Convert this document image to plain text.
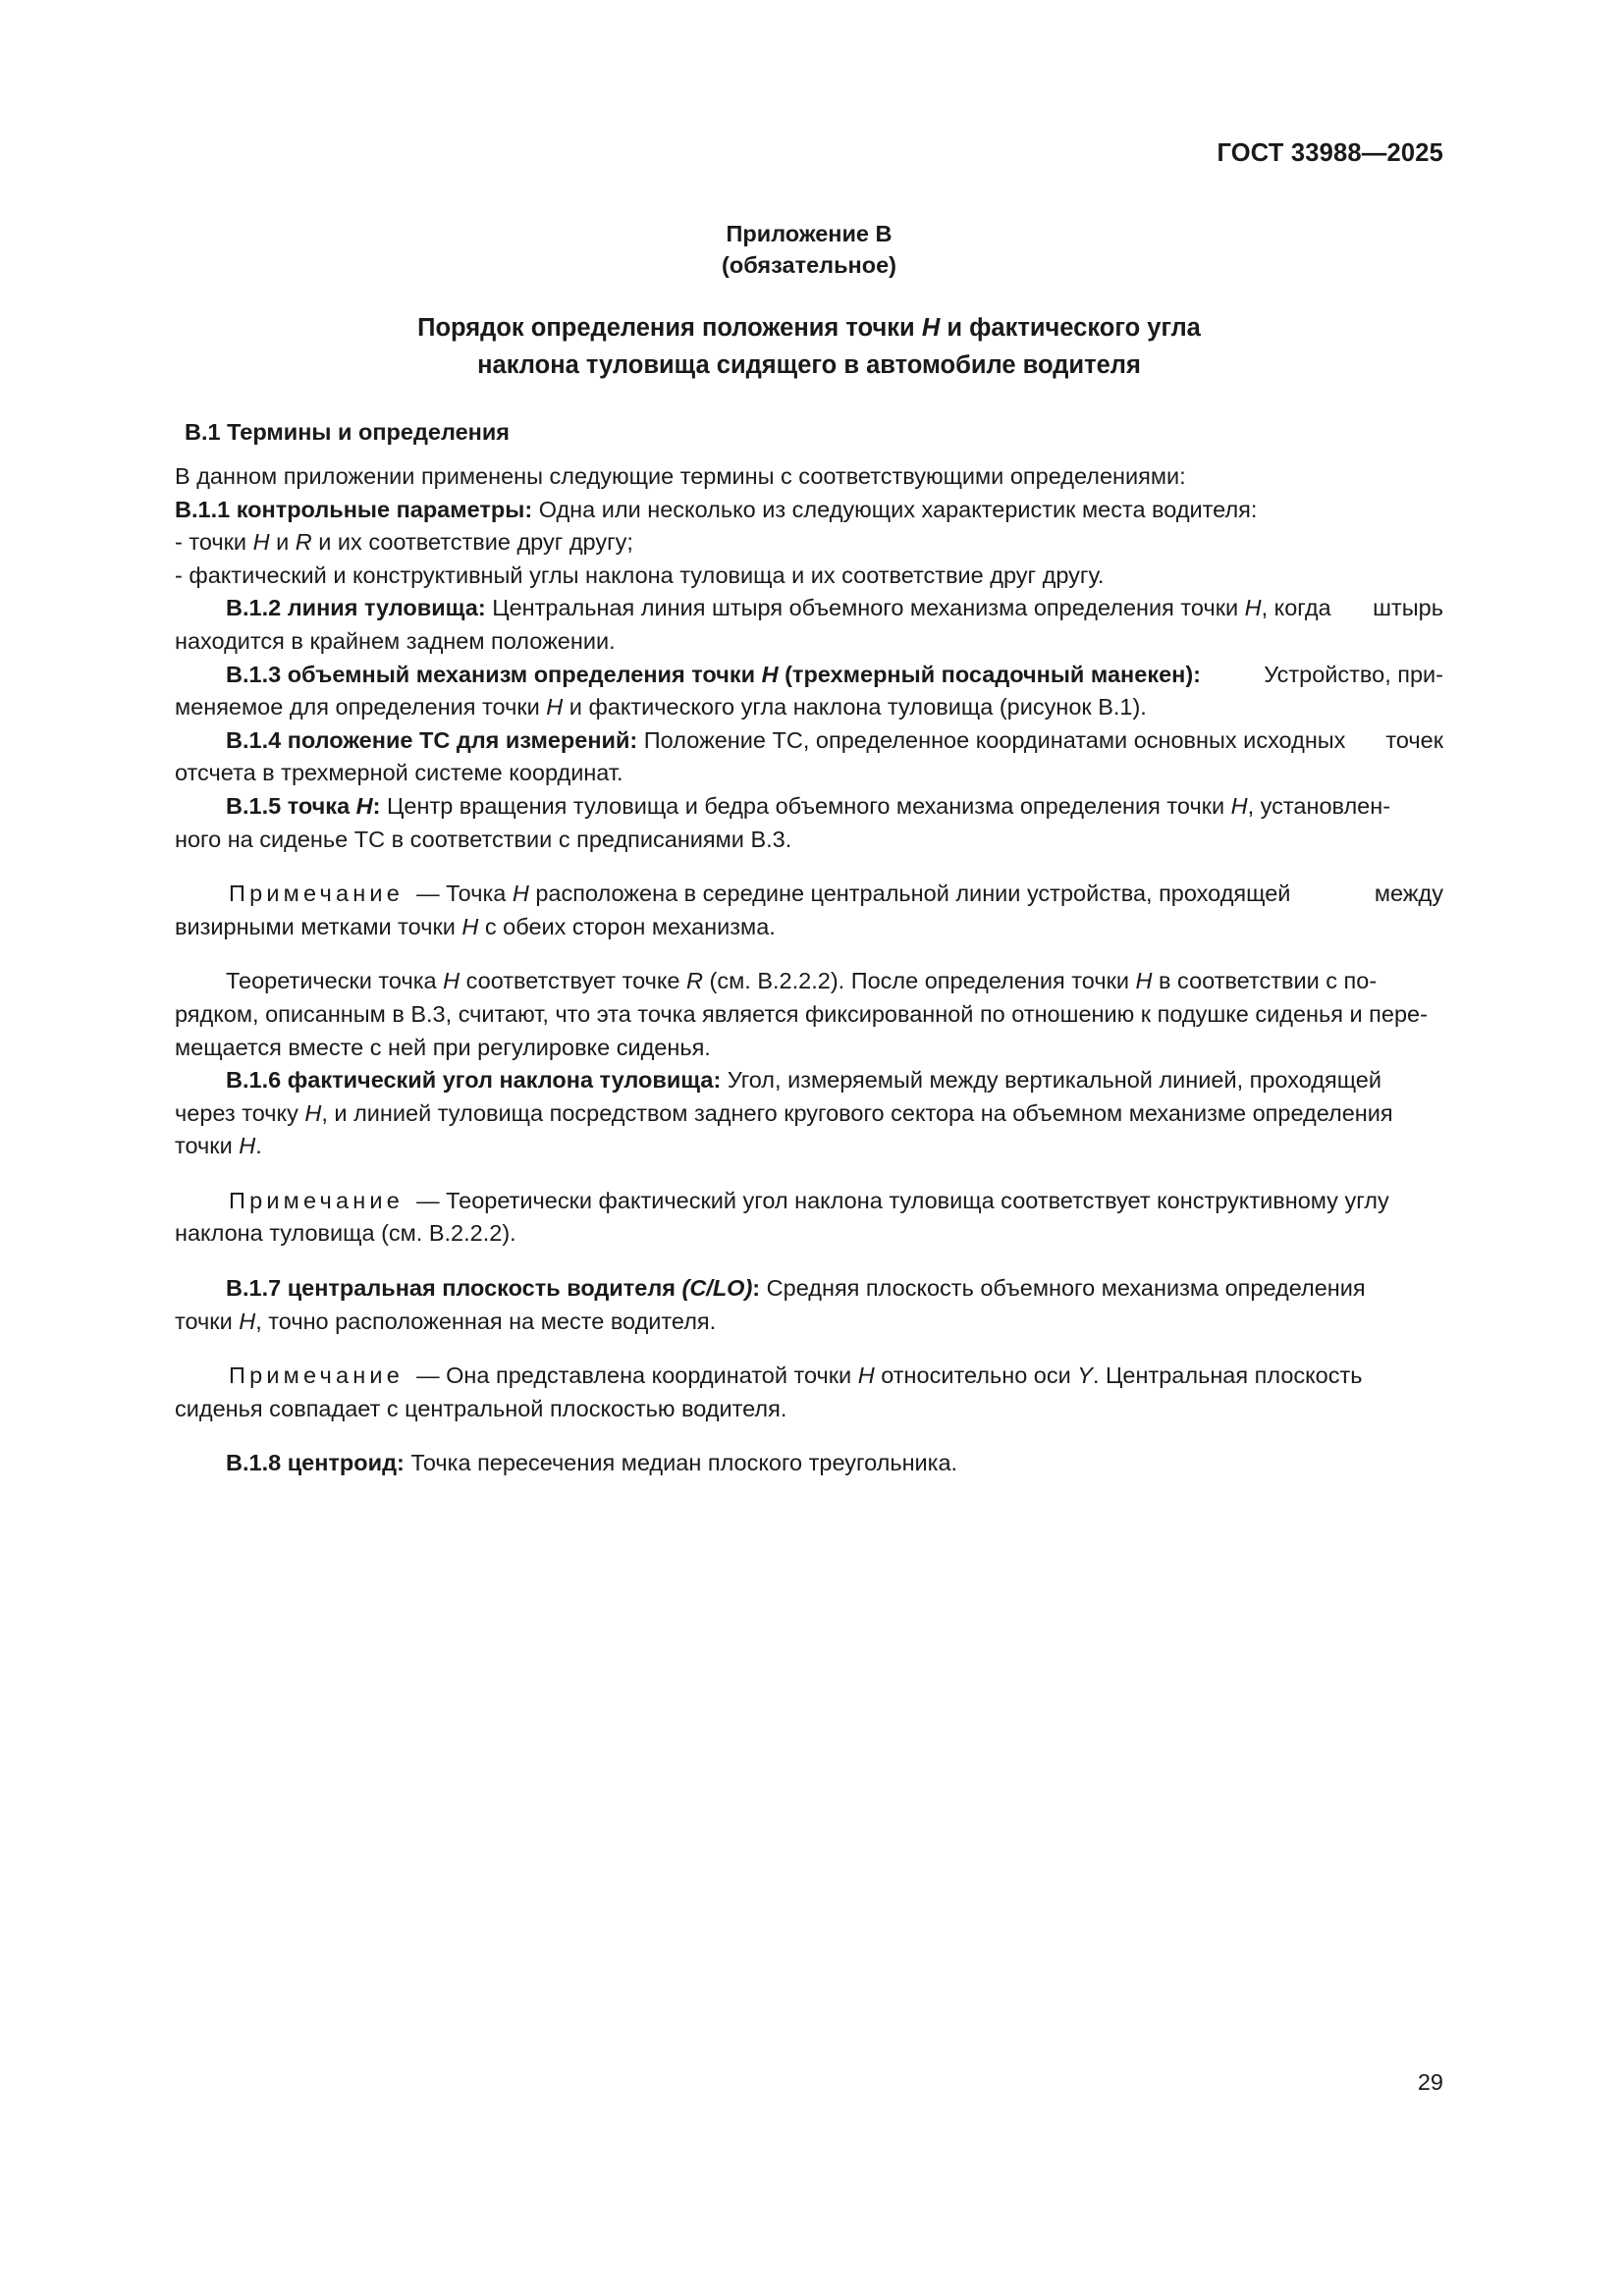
ГОСТ 33988—2025
Приложение В
(обязательное)
Порядок определения положения точки H и фактического угла
наклона туловища сидящего в автомобиле водителя
B.1 Термины и определения

В данном приложении применены следующие термины с соответствующими определениями:

B.1.1 контрольные параметры: Одна или несколько из следующих характеристик места водителя:

- точки H и R и их соответствие друг другу;
- фактический и конструктивный углы наклона туловища и их соответствие друг другу.

B.1.2 линия туловища: Центральная линия штыря объемного механизма определения точки H, когда штырь
находится в крайнем заднем положении.

B.1.3 объемный механизм определения точки H (трехмерный посадочный манекен):	Устройство, при-
меняемое для определения точки H и фактического угла наклона туловища (рисунок В.1).

B.1.4 положение ТС для измерений: Положение ТС, определенное координатами основных исходных точек
отсчета в трехмерной системе координат.

B.1.5 точка H: Центр вращения туловища и бедра объемного механизма определения точки H, установлен-
ного на сиденье ТС в соответствии с предписаниями B.3.

Примечание — Точка H расположена в середине центральной линии устройства, проходящей	между
визирными метками точки H с обеих сторон механизма.

Теоретически точка H соответствует точке R (см. B.2.2.2). После определения точки H в соответствии с по-
рядком, описанным в B.3, считают, что эта точка является фиксированной по отношению к подушке сиденья и пере-
мещается вместе с ней при регулировке сиденья.

B.1.6 фактический угол наклона туловища: Угол, измеряемый между вертикальной линией, проходящей
через точку H, и линией туловища посредством заднего кругового сектора на объемном механизме определения
точки H.

Примечание — Теоретически фактический угол наклона туловища соответствует конструктивному углу
наклона туловища (см. B.2.2.2).

B.1.7 центральная плоскость водителя (C/LO): Средняя плоскость объемного механизма определения
точки H, точно расположенная на месте водителя.

Примечание — Она представлена координатой точки H относительно оси Y. Центральная плоскость
сиденья совпадает с центральной плоскостью водителя.

B.1.8 центроид: Точка пересечения медиан плоского треугольника.

29
